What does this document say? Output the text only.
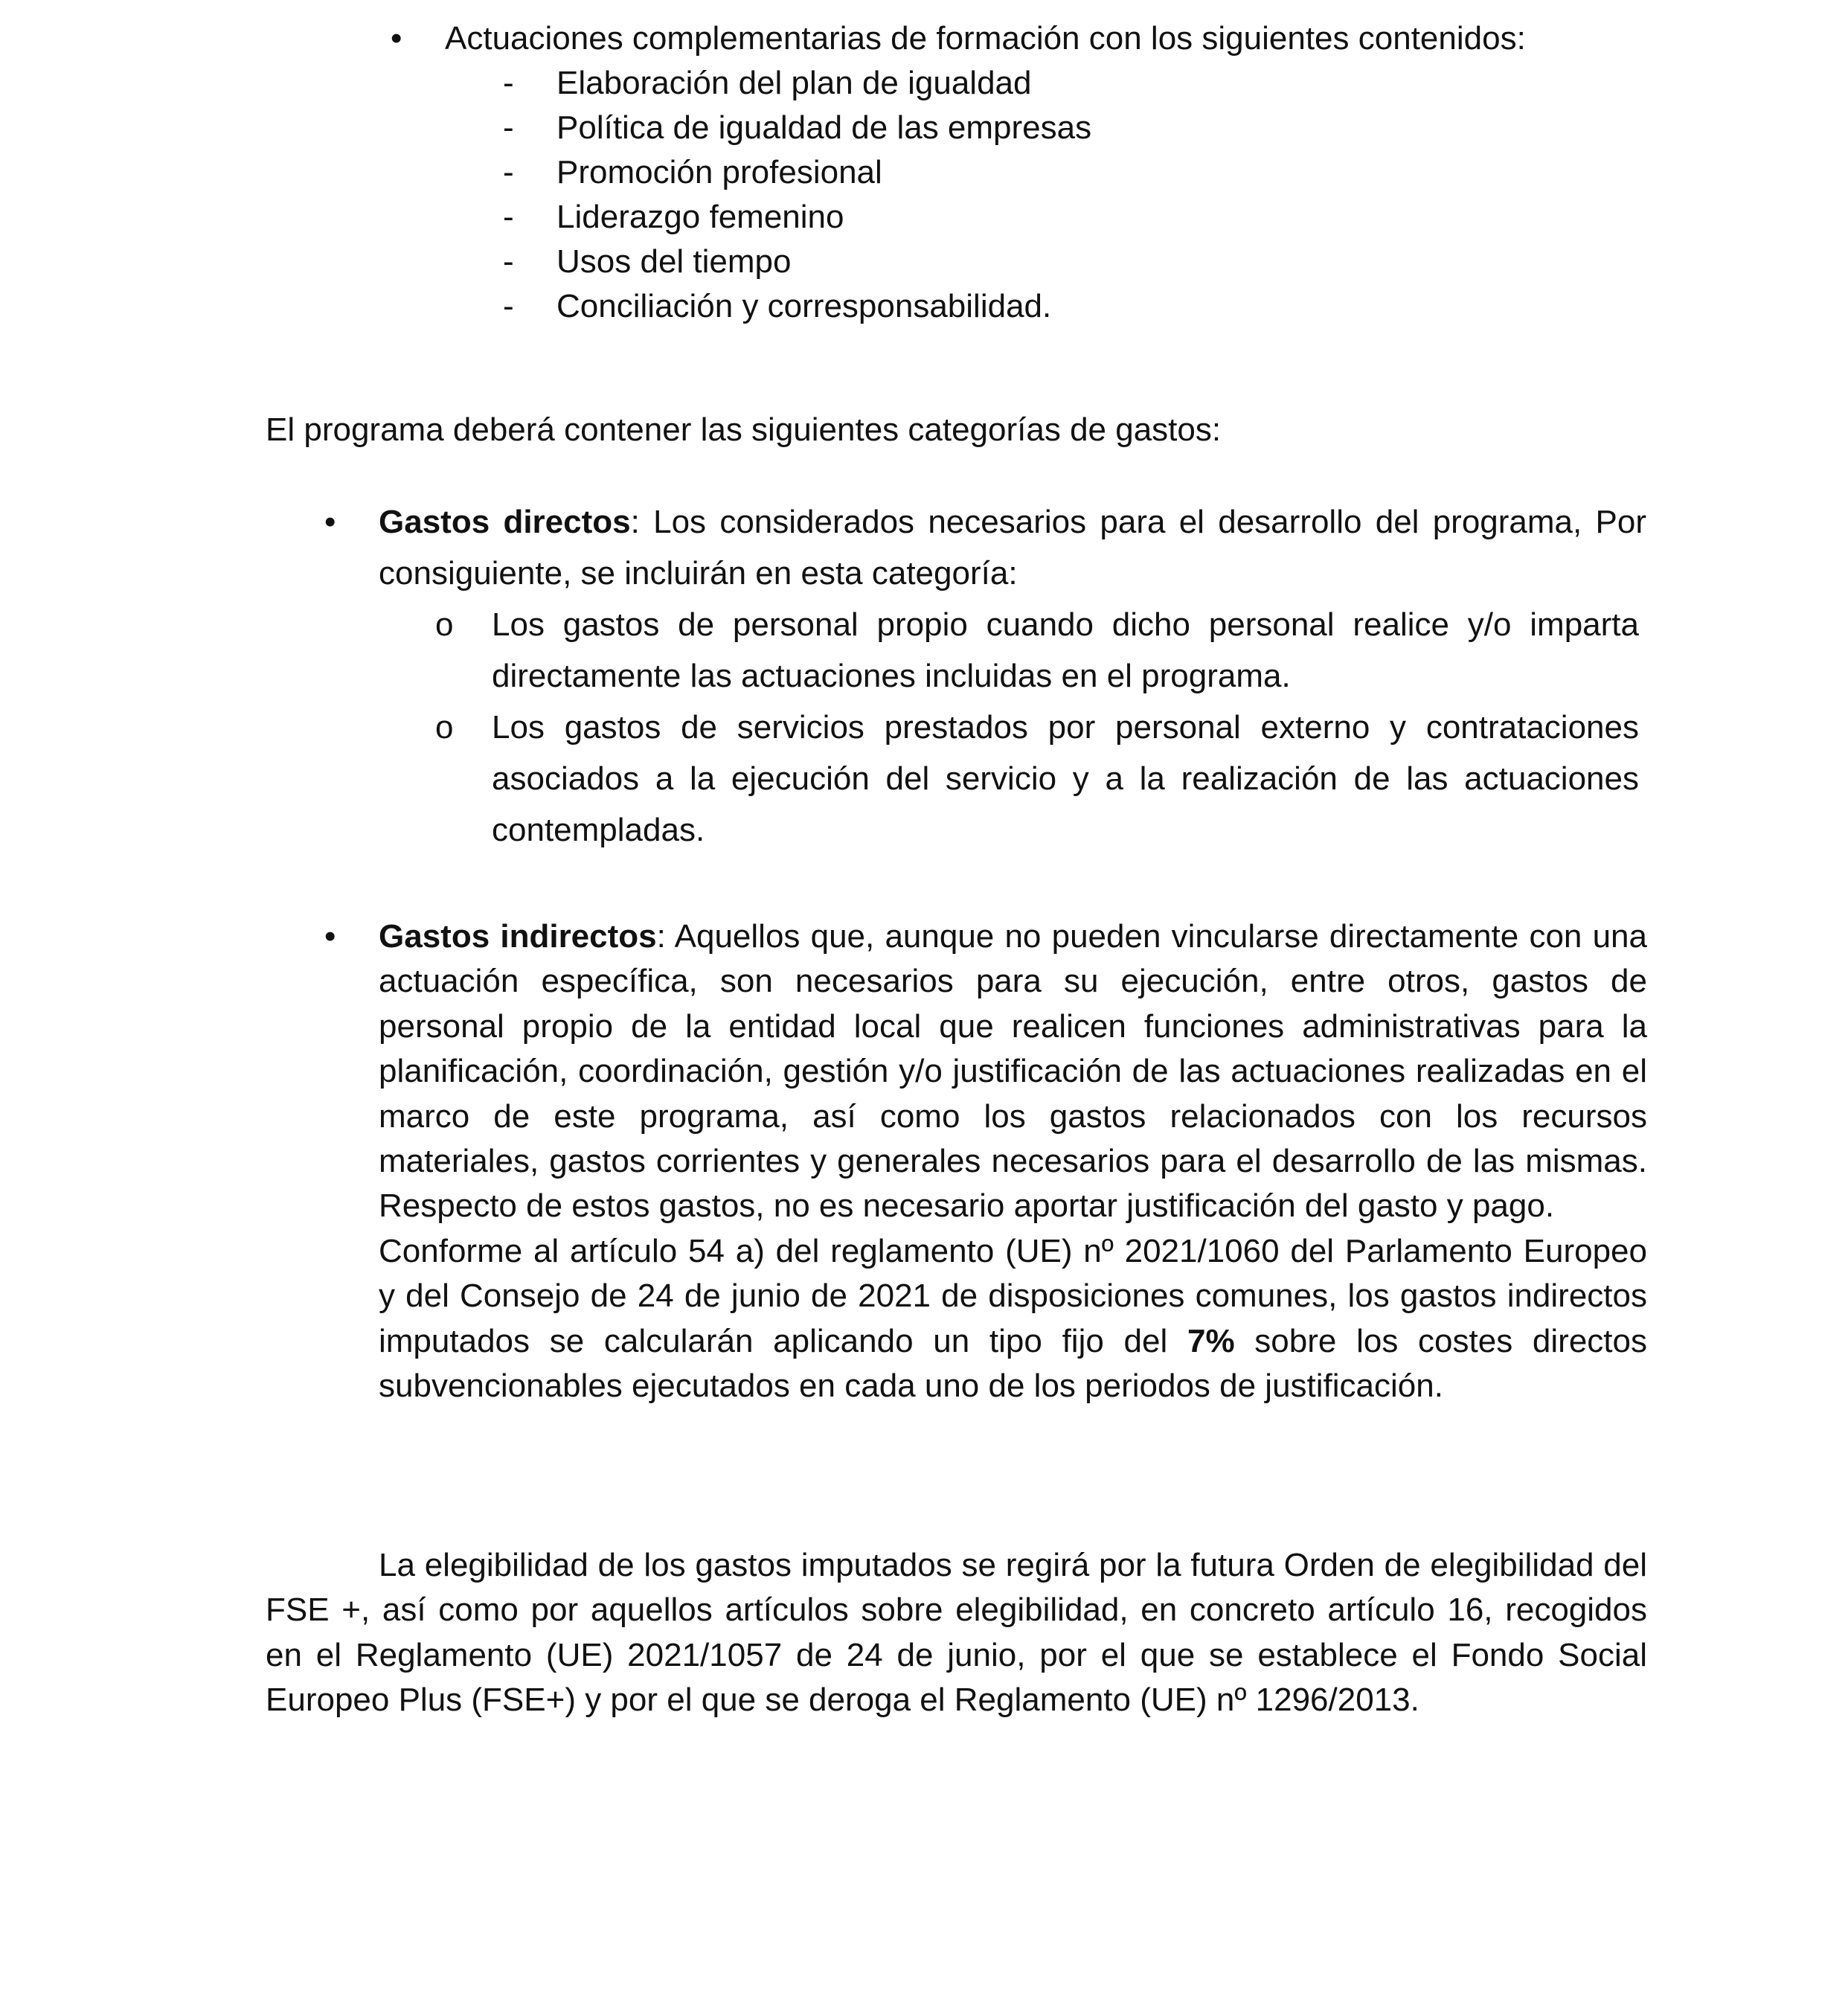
• Actuaciones complementarias de formación con los siguientes contenidos:
- Elaboración del plan de igualdad
- Política de igualdad de las empresas
- Promoción profesional
- Liderazgo femenino
- Usos del tiempo
- Conciliación y corresponsabilidad.
El programa deberá contener las siguientes categorías de gastos:
• Gastos directos: Los considerados necesarios para el desarrollo del programa, Por consiguiente, se incluirán en esta categoría:
o Los gastos de personal propio cuando dicho personal realice y/o imparta directamente las actuaciones incluidas en el programa.
o Los gastos de servicios prestados por personal externo y contrataciones asociados a la ejecución del servicio y a la realización de las actuaciones contempladas.
• Gastos indirectos: Aquellos que, aunque no pueden vincularse directamente con una actuación específica, son necesarios para su ejecución, entre otros, gastos de personal propio de la entidad local que realicen funciones administrativas para la planificación, coordinación, gestión y/o justificación de las actuaciones realizadas en el marco de este programa, así como los gastos relacionados con los recursos materiales, gastos corrientes y generales necesarios para el desarrollo de las mismas. Respecto de estos gastos, no es necesario aportar justificación del gasto y pago.
Conforme al artículo 54 a) del reglamento (UE) nº 2021/1060 del Parlamento Europeo y del Consejo de 24 de junio de 2021 de disposiciones comunes, los gastos indirectos imputados se calcularán aplicando un tipo fijo del 7% sobre los costes directos subvencionables ejecutados en cada uno de los periodos de justificación.
La elegibilidad de los gastos imputados se regirá por la futura Orden de elegibilidad del FSE +, así como por aquellos artículos sobre elegibilidad, en concreto artículo 16, recogidos en el Reglamento (UE) 2021/1057 de 24 de junio, por el que se establece el Fondo Social Europeo Plus (FSE+) y por el que se deroga el Reglamento (UE) nº 1296/2013.
